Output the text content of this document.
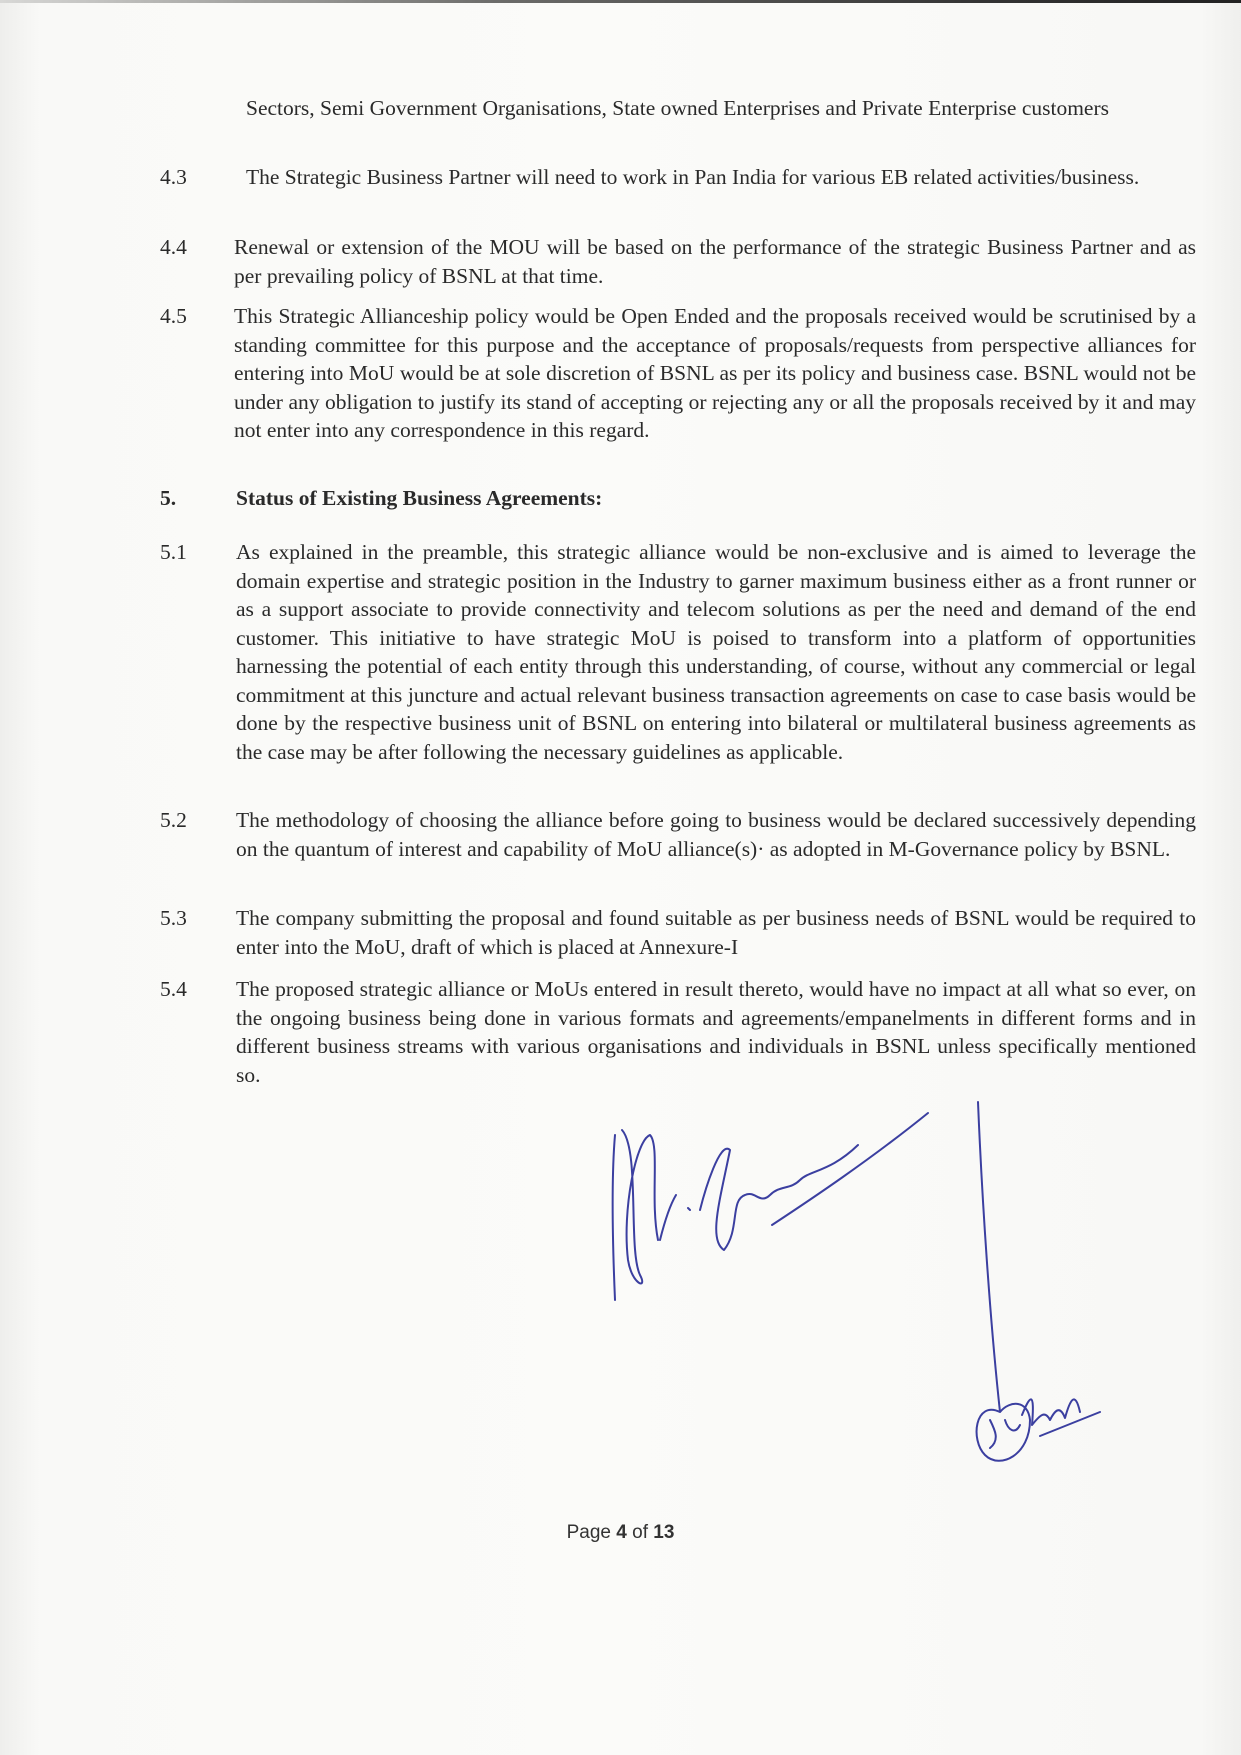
Sectors, Semi Government Organisations, State owned Enterprises and Private Enterprise customers
4.3	The Strategic Business Partner will need to work in Pan India for various EB related activities/business.
4.4	Renewal or extension of the MOU will be based on the performance of the strategic Business Partner and as per prevailing policy of BSNL at that time.
4.5	This Strategic Allianceship policy would be Open Ended and the proposals received would be scrutinised by a standing committee for this purpose and the acceptance of proposals/requests from perspective alliances for entering into MoU would be at sole discretion of BSNL as per its policy and business case. BSNL would not be under any obligation to justify its stand of accepting or rejecting any or all the proposals received by it and may not enter into any correspondence in this regard.
5.	Status of Existing Business Agreements:
5.1	As explained in the preamble, this strategic alliance would be non-exclusive and is aimed to leverage the domain expertise and strategic position in the Industry to garner maximum business either as a front runner or as a support associate to provide connectivity and telecom solutions as per the need and demand of the end customer. This initiative to have strategic MoU is poised to transform into a platform of opportunities harnessing the potential of each entity through this understanding, of course, without any commercial or legal commitment at this juncture and actual relevant business transaction agreements on case to case basis would be done by the respective business unit of BSNL on entering into bilateral or multilateral business agreements as the case may be after following the necessary guidelines as applicable.
5.2	The methodology of choosing the alliance before going to business would be declared successively depending on the quantum of interest and capability of MoU alliance(s)· as adopted in M-Governance policy by BSNL.
5.3	The company submitting the proposal and found suitable as per business needs of BSNL would be required to enter into the MoU, draft of which is placed at Annexure-I
5.4	The proposed strategic alliance or MoUs entered in result thereto, would have no impact at all what so ever, on the ongoing business being done in various formats and agreements/empanelments in different forms and in different business streams with various organisations and individuals in BSNL unless specifically mentioned so.
Page 4 of 13
